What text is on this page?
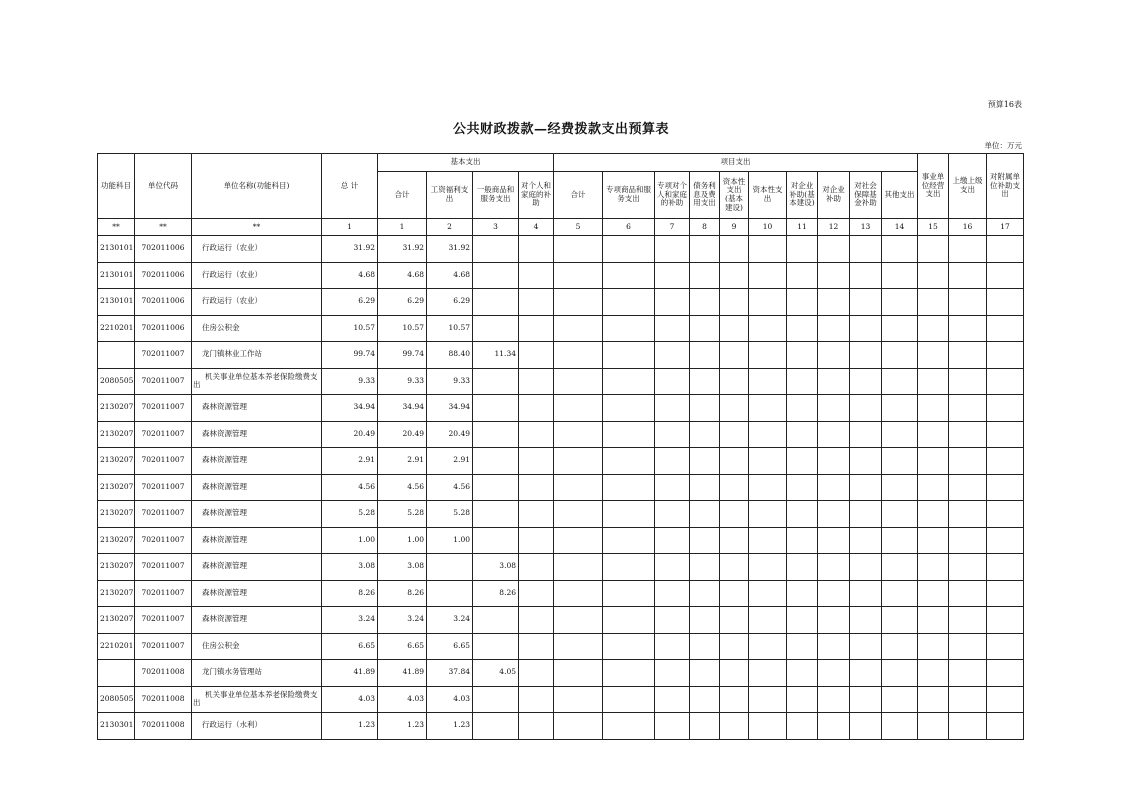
预算16表
公共财政拨款—经费拨款支出预算表
单位：万元
功能科目	单位代码	单位名称(功能科目)	总 计	基本支出				项目支出										事业单位经营支出	上缴上级支出	对附属单位补助支出
				合计	工资福利支出	一般商品和服务支出	对个人和家庭的补助	合计	专项商品和服务支出	专项对个人和家庭的补助	债务利息及费用支出	资本性支出(基本建设)	资本性支出	对企业补助(基本建设)	对企业补助	对社会保障基金补助	其他支出			
**	**	**	1	1	2	3	4	5	6	7	8	9	10	11	12	13	14	15	16	17
2130101	702011006	行政运行（农业）	31.92	31.92	31.92															
2130101	702011006	行政运行（农业）	4.68	4.68	4.68															
2130101	702011006	行政运行（农业）	6.29	6.29	6.29															
2210201	702011006	住房公积金	10.57	10.57	10.57															
	702011007	龙门镇林业工作站	99.74	99.74	88.40	11.34														
2080505	702011007	机关事业单位基本养老保险缴费支出	9.33	9.33	9.33															
2130207	702011007	森林资源管理	34.94	34.94	34.94															
2130207	702011007	森林资源管理	20.49	20.49	20.49															
2130207	702011007	森林资源管理	2.91	2.91	2.91															
2130207	702011007	森林资源管理	4.56	4.56	4.56															
2130207	702011007	森林资源管理	5.28	5.28	5.28															
2130207	702011007	森林资源管理	1.00	1.00	1.00															
2130207	702011007	森林资源管理	3.08	3.08		3.08														
2130207	702011007	森林资源管理	8.26	8.26		8.26														
2130207	702011007	森林资源管理	3.24	3.24	3.24															
2210201	702011007	住房公积金	6.65	6.65	6.65															
	702011008	龙门镇水务管理站	41.89	41.89	37.84	4.05														
2080505	702011008	机关事业单位基本养老保险缴费支出	4.03	4.03	4.03															
2130301	702011008	行政运行（水利）	1.23	1.23	1.23															
